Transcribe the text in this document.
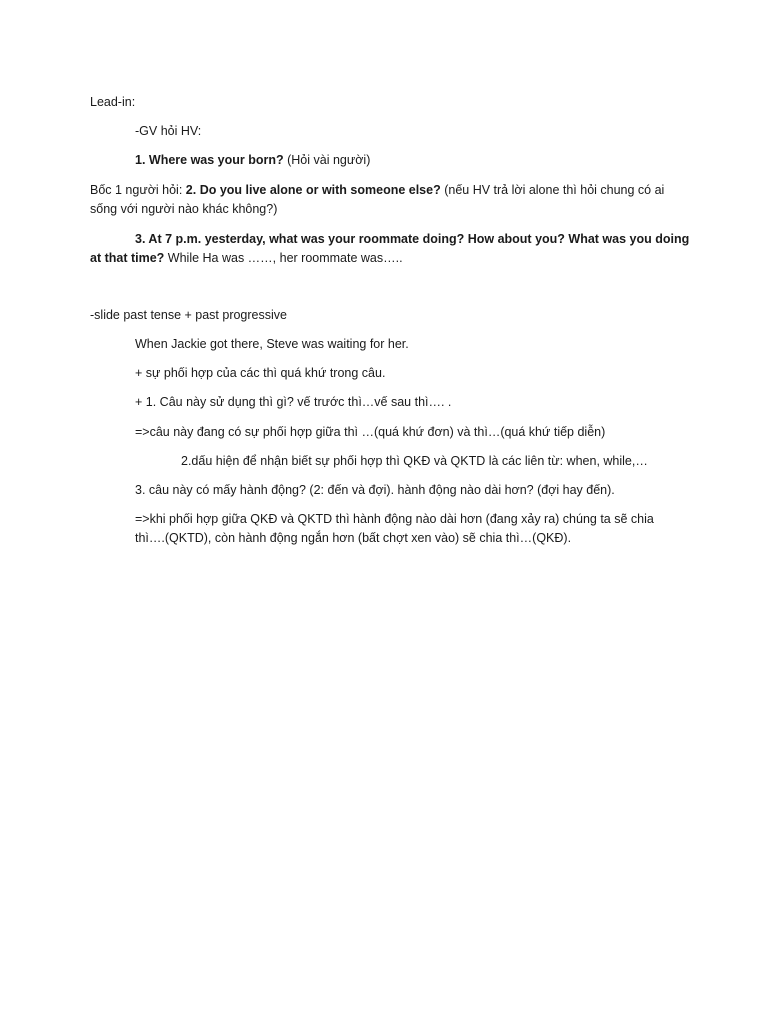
Lead-in:
-GV hỏi HV:
1. Where was your born? (Hỏi vài người)
Bốc 1 người hỏi: 2. Do you live alone or with someone else? (nếu HV trả lời alone thì hỏi chung có ai
sống với người nào khác không?)
3. At 7 p.m. yesterday, what was your roommate doing? How about you? What was you doing
at that time? While Ha was ……, her roommate was…..
-slide past tense + past progressive
When Jackie got there, Steve was waiting for her.
+ sự phối hợp của các thì quá khứ trong câu.
+ 1. Câu này sử dụng thì gì? vế trước thì…vế sau thì…. .
=>câu này đang có sự phối hợp giữa thì …(quá khứ đơn) và thì…(quá khứ tiếp diễn)
2.dấu hiện để nhận biết sự phối hợp thì QKĐ và QKTD là các liên từ: when, while,…
3. câu này có mấy hành động? (2: đến và đợi). hành động nào dài hơn? (đợi hay đến).
=>khi phối hợp giữa QKĐ và QKTD thì hành động nào dài hơn (đang xảy ra) chúng ta sẽ chia
thì….(QKTD), còn hành động ngắn hơn (bất chợt xen vào) sẽ chia thì…(QKĐ).
